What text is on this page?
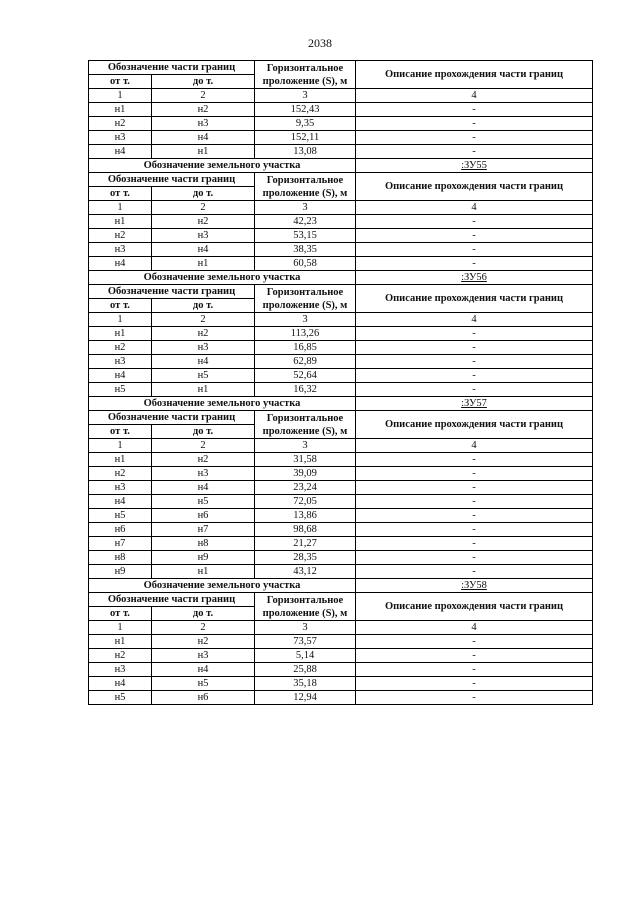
2038
Обозначение части границ		Горизонтальное проложение (S), м	Описание прохождения части границ
от т.	до т.		
1	2	3	4
н1	н2	152,43	-
н2	н3	9,35	-
н3	н4	152,11	-
н4	н1	13,08	-
Обозначение земельного участка			:ЗУ55
Обозначение части границ		Горизонтальное проложение (S), м	Описание прохождения части границ
от т.	до т.		
1	2	3	4
н1	н2	42,23	-
н2	н3	53,15	-
н3	н4	38,35	-
н4	н1	60,58	-
Обозначение земельного участка			:ЗУ56
Обозначение части границ		Горизонтальное проложение (S), м	Описание прохождения части границ
от т.	до т.		
1	2	3	4
н1	н2	113,26	-
н2	н3	16,85	-
н3	н4	62,89	-
н4	н5	52,64	-
н5	н1	16,32	-
Обозначение земельного участка			:ЗУ57
Обозначение части границ		Горизонтальное проложение (S), м	Описание прохождения части границ
от т.	до т.		
1	2	3	4
н1	н2	31,58	-
н2	н3	39,09	-
н3	н4	23,24	-
н4	н5	72,05	-
н5	н6	13,86	-
н6	н7	98,68	-
н7	н8	21,27	-
н8	н9	28,35	-
н9	н1	43,12	-
Обозначение земельного участка			:ЗУ58
Обозначение части границ		Горизонтальное проложение (S), м	Описание прохождения части границ
от т.	до т.		
1	2	3	4
н1	н2	73,57	-
н2	н3	5,14	-
н3	н4	25,88	-
н4	н5	35,18	-
н5	н6	12,94	-
